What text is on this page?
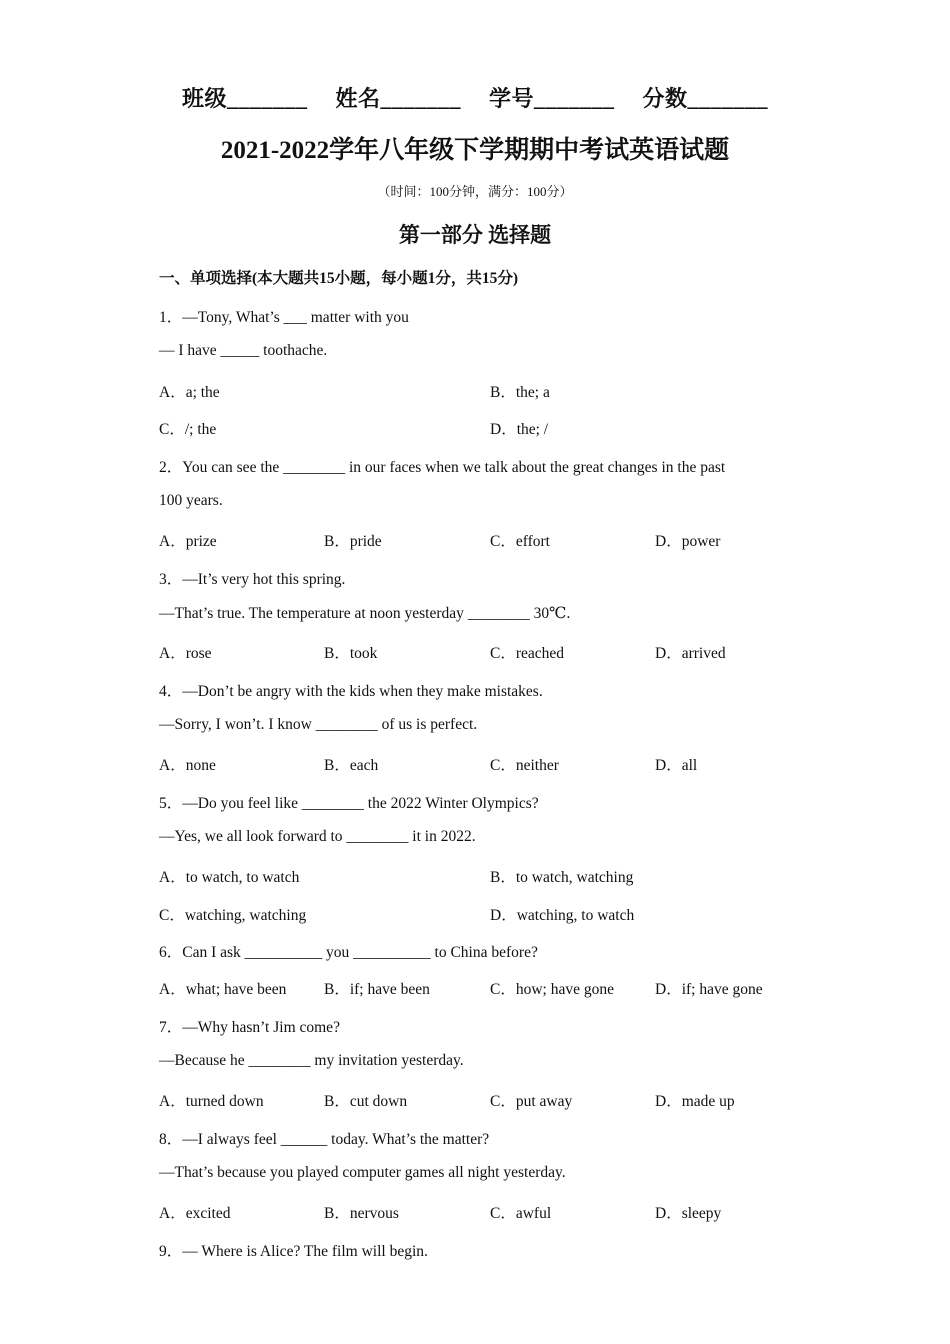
班级_______ 姓名_______ 学号_______ 分数_______
2021-2022学年八年级下学期期中考试英语试题
（时间：100分钟，满分：100分）
第一部分 选择题
一、单项选择(本大题共15小题，每小题1分，共15分)
1．—Tony, What’s ___ matter with you
— I have _____ toothache.
A．a; the	B．the; a
C．/; the	D．the; /
2．You can see the ________ in our faces when we talk about the great changes in the past
100 years.
A．prize	B．pride	C．effort	D．power
3．—It’s very hot this spring.
—That’s true. The temperature at noon yesterday ________ 30℃.
A．rose	B．took	C．reached	D．arrived
4．—Don’t be angry with the kids when they make mistakes.
—Sorry, I won’t. I know ________ of us is perfect.
A．none	B．each	C．neither	D．all
5．—Do you feel like ________ the 2022 Winter Olympics?
—Yes, we all look forward to ________ it in 2022.
A．to watch, to watch	B．to watch, watching
C．watching, watching	D．watching, to watch
6．Can I ask __________ you __________ to China before?
A．what; have been B．if; have been	C．how; have gone	D．if; have gone
7．—Why hasn’t Jim come?
—Because he ________ my invitation yesterday.
A．turned down	B．cut down	C．put away	D．made up
8．—I always feel ______ today. What’s the matter?
—That’s because you played computer games all night yesterday.
A．excited	B．nervous	C．awful	D．sleepy
9．— Where is Alice? The film will begin.
